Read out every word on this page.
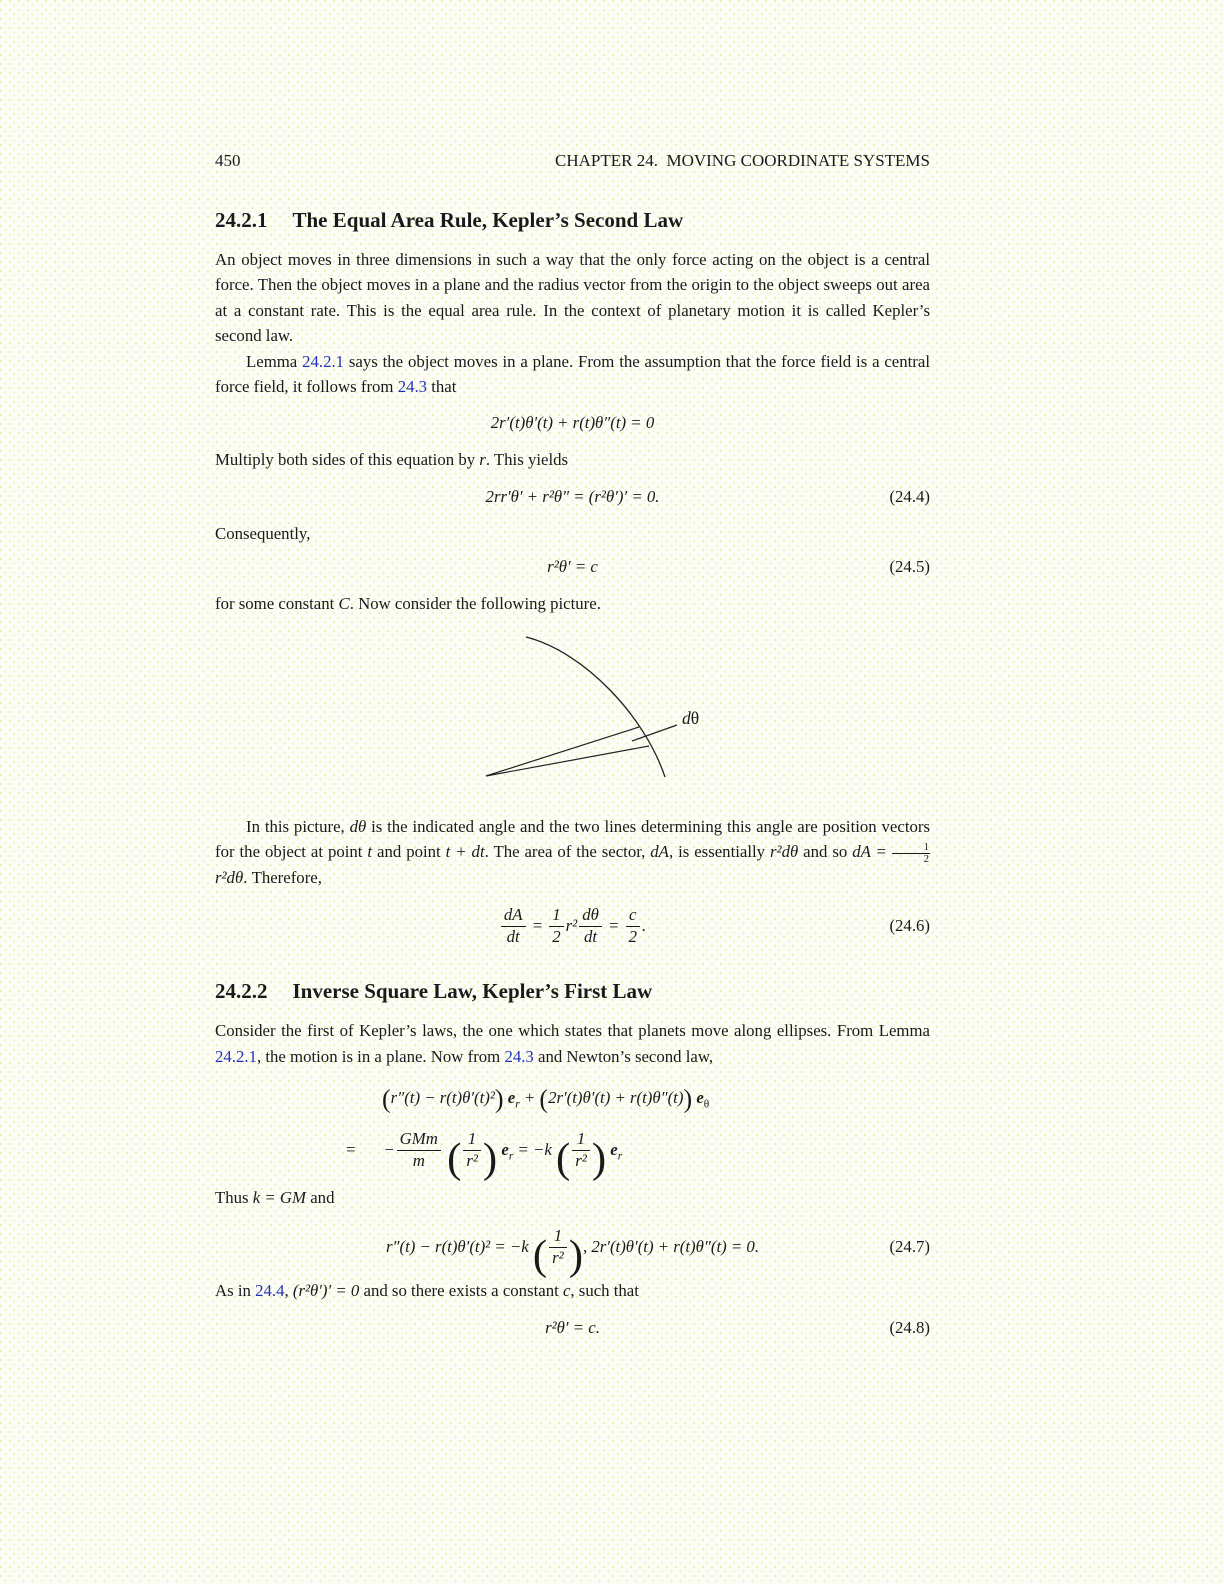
450	CHAPTER 24.  MOVING COORDINATE SYSTEMS
24.2.1 The Equal Area Rule, Kepler’s Second Law

An object moves in three dimensions in such a way that the only force acting on the object is a central force. Then the object moves in a plane and the radius vector from the origin to the object sweeps out area at a constant rate. This is the equal area rule. In the context of planetary motion it is called Kepler’s second law.

Lemma 24.2.1 says the object moves in a plane. From the assumption that the force field is a central force field, it follows from 24.3 that

2r′(t)θ′(t) + r(t)θ″(t) = 0

Multiply both sides of this equation by r. This yields

2rr′θ′ + r²θ″ = (r²θ′)′ = 0.	(24.4)

Consequently,

r²θ′ = c	(24.5)

for some constant C. Now consider the following picture.

dθ

In this picture, dθ is the indicated angle and the two lines determining this angle are position vectors for the object at point t and point t + dt. The area of the sector, dA, is essentially r²dθ and so dA = $\frac{1}{2}$
r²dθ. Therefore,

$\frac{dA}{dt} = \frac{1}{2} r^2 \frac{d\theta}{dt} = \frac{c}{2}$ .	(24.6)
24.2.2 Inverse Square Law, Kepler’s First Law

Consider the first of Kepler’s laws, the one which states that planets move along ellipses. From Lemma 24.2.1, the motion is in a plane. Now from 24.3 and Newton’s second law,

(r″(t) − r(t)θ′(t)²) $e_r + (2r'(t)\theta'(t) + r(t)\theta''(t))$ $e_\theta$
= − $\frac{\text{GMm}}{m}$ ( $\frac{1}{\text{r²}}$ ) $e_r = -k$ ( $\frac{1}{\text{r²}}$ ) $e_r$

Thus k = GM and

r″(t) − r(t)θ′(t)² = −k ( $\frac{1}{\text{r²}}$ ), 2r′(t)θ′(t) + r(t)θ″(t) = 0.	(24.7)

As in 24.4, (r²θ′)′ = 0 and so there exists a constant c, such that

r²θ′ = c.	(24.8)
